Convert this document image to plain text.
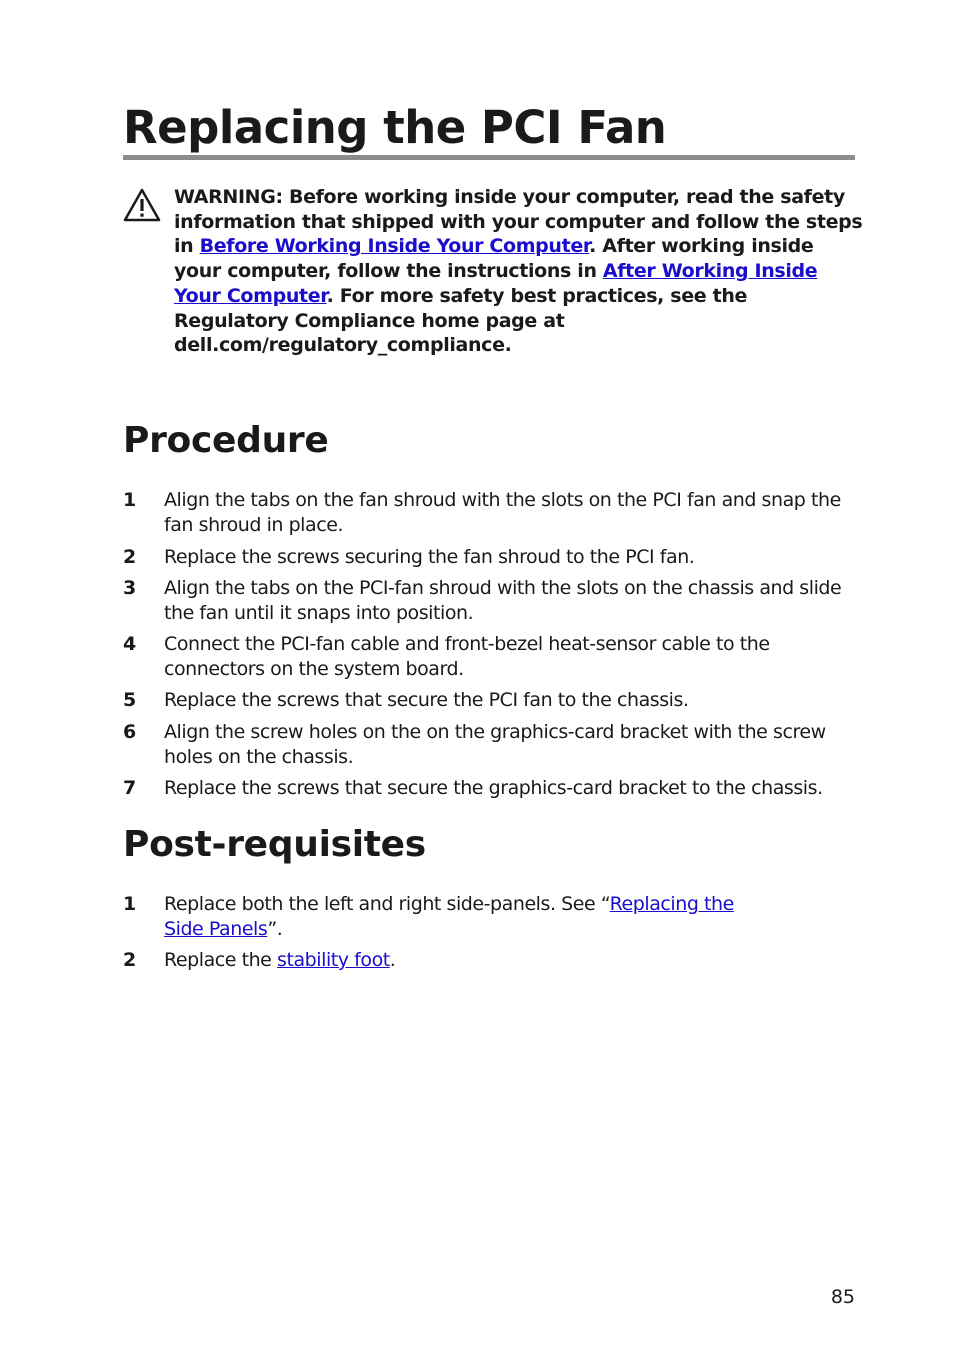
Replacing the PCI Fan
WARNING: Before working inside your computer, read the safety information that shipped with your computer and follow the steps in Before Working Inside Your Computer. After working inside your computer, follow the instructions in After Working Inside Your Computer. For more safety best practices, see the Regulatory Compliance home page at dell.com/regulatory_compliance.
Procedure
1 Align the tabs on the fan shroud with the slots on the PCI fan and snap the fan shroud in place.
2 Replace the screws securing the fan shroud to the PCI fan.
3 Align the tabs on the PCI-fan shroud with the slots on the chassis and slide the fan until it snaps into position.
4 Connect the PCI-fan cable and front-bezel heat-sensor cable to the connectors on the system board.
5 Replace the screws that secure the PCI fan to the chassis.
6 Align the screw holes on the on the graphics-card bracket with the screw holes on the chassis.
7 Replace the screws that secure the graphics-card bracket to the chassis.
Post-requisites
1 Replace both the left and right side-panels. See “Replacing the Side Panels”.
2 Replace the stability foot.
85
